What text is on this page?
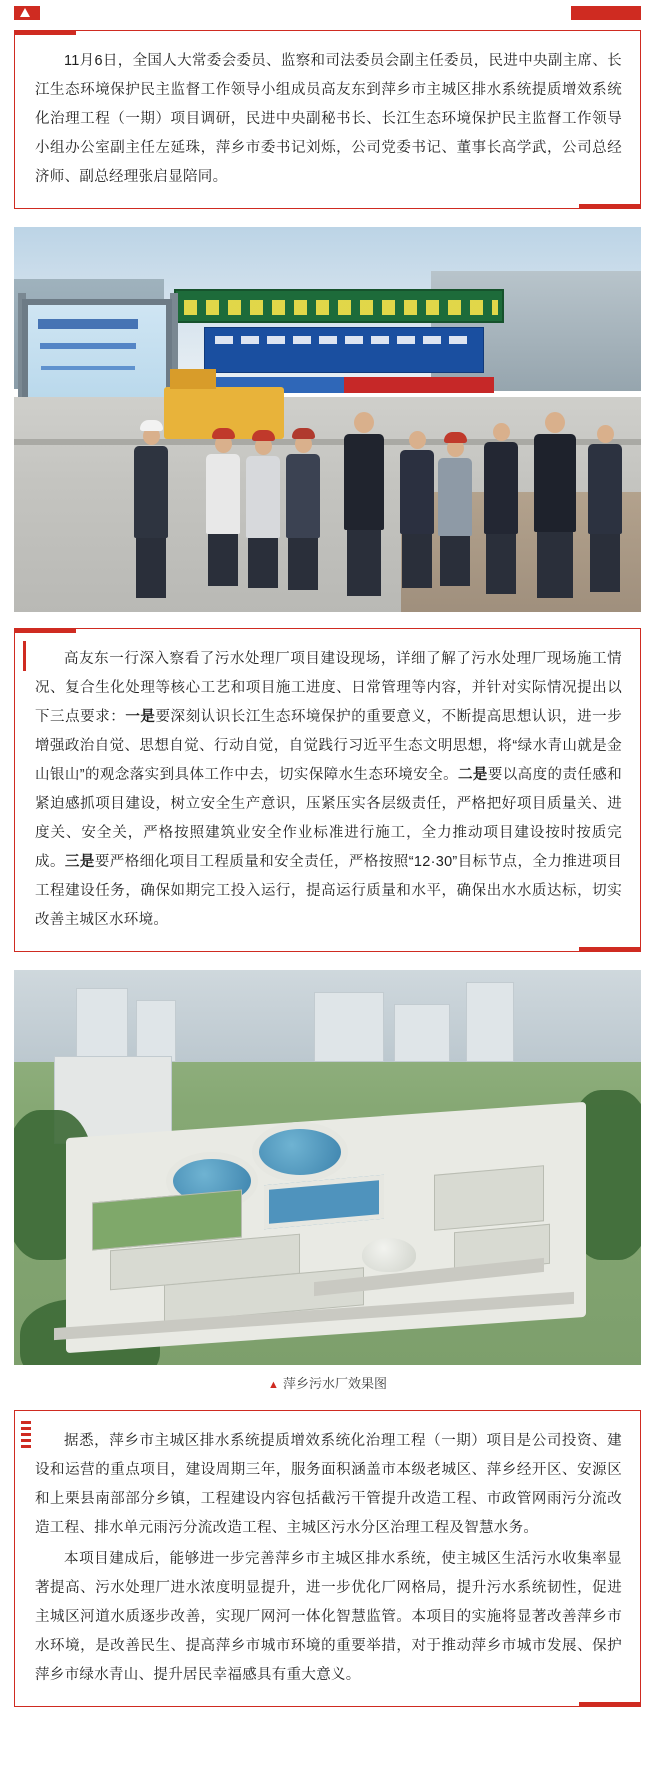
11月6日，全国人大常委会委员、监察和司法委员会副主任委员，民进中央副主席、长江生态环境保护民主监督工作领导小组成员高友东到萍乡市主城区排水系统提质增效系统化治理工程（一期）项目调研，民进中央副秘书长、长江生态环境保护民主监督工作领导小组办公室副主任左延珠，萍乡市委书记刘烁，公司党委书记、董事长高学武，公司总经济师、副总经理张启显陪同。

高友东一行深入察看了污水处理厂项目建设现场，详细了解了污水处理厂现场施工情况、复合生化处理等核心工艺和项目施工进度、日常管理等内容，并针对实际情况提出以下三点要求：一是要深刻认识长江生态环境保护的重要意义，不断提高思想认识，进一步增强政治自觉、思想自觉、行动自觉，自觉践行习近平生态文明思想，将“绿水青山就是金山银山”的观念落实到具体工作中去，切实保障水生态环境安全。二是要以高度的责任感和紧迫感抓项目建设，树立安全生产意识，压紧压实各层级责任，严格把好项目质量关、进度关、安全关，严格按照建筑业安全作业标准进行施工，全力推动项目建设按时按质完成。三是要严格细化项目工程质量和安全责任，严格按照“12·30”目标节点，全力推进项目工程建设任务，确保如期完工投入运行，提高运行质量和水平，确保出水水质达标，切实改善主城区水环境。

▲ 萍乡污水厂效果图

据悉，萍乡市主城区排水系统提质增效系统化治理工程（一期）项目是公司投资、建设和运营的重点项目，建设周期三年，服务面积涵盖市本级老城区、萍乡经开区、安源区和上栗县南部部分乡镇，工程建设内容包括截污干管提升改造工程、市政管网雨污分流改造工程、排水单元雨污分流改造工程、主城区污水分区治理工程及智慧水务。

本项目建成后，能够进一步完善萍乡市主城区排水系统，使主城区生活污水收集率显著提高、污水处理厂进水浓度明显提升，进一步优化厂网格局，提升污水系统韧性，促进主城区河道水质逐步改善，实现厂网河一体化智慧监管。本项目的实施将显著改善萍乡市水环境，是改善民生、提高萍乡市城市环境的重要举措，对于推动萍乡市城市发展、保护萍乡市绿水青山、提升居民幸福感具有重大意义。
